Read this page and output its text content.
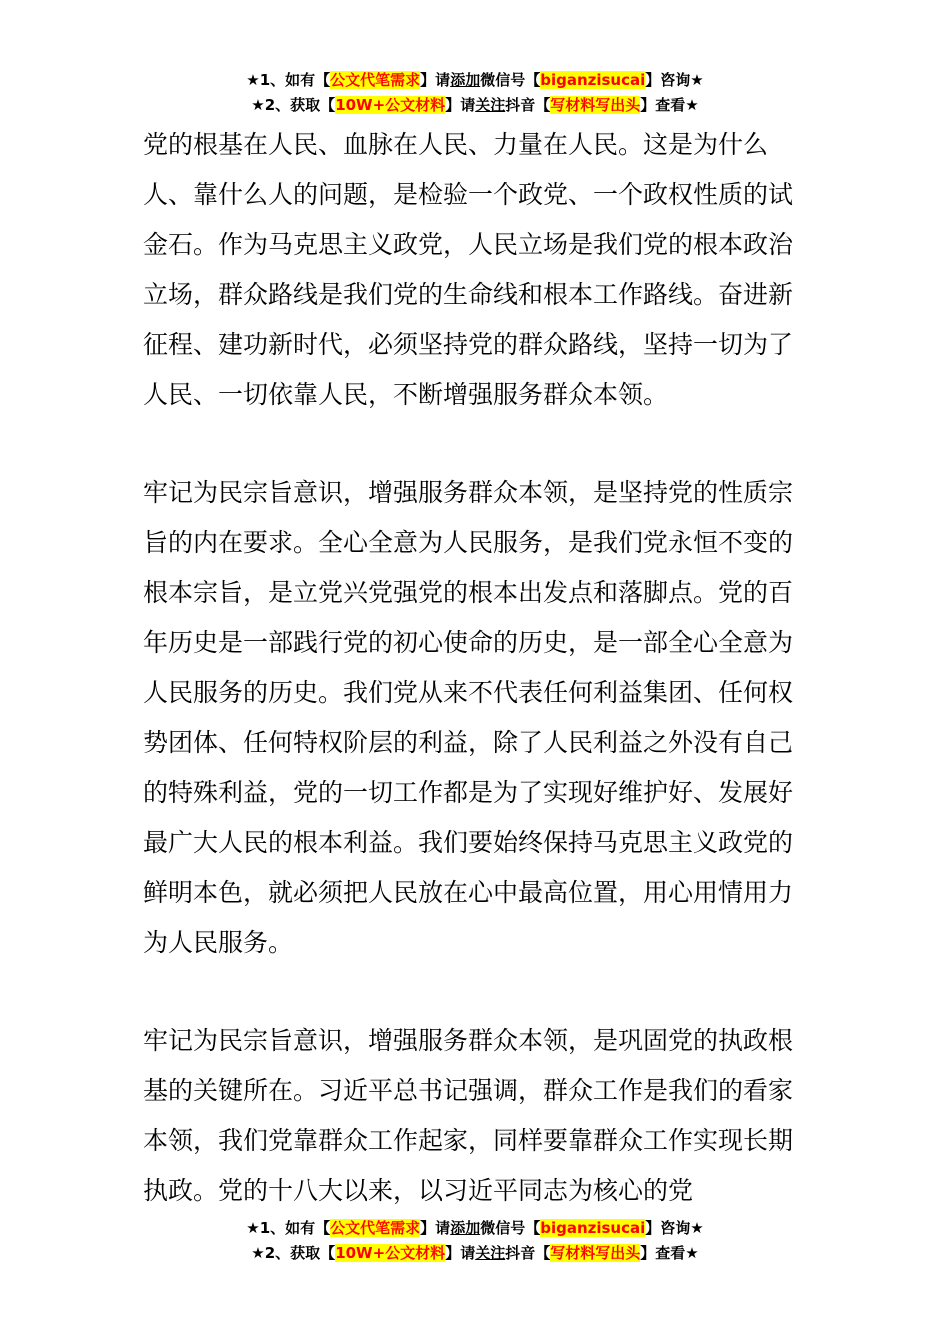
★1、如有【公文代笔需求】请添加微信号【biganzisucai】咨询★
★2、获取【10W+公文材料】请关注抖音【写材料写出头】查看★

党的根基在人民、血脉在人民、力量在人民。这是为什么人、靠什么人的问题，是检验一个政党、一个政权性质的试金石。作为马克思主义政党，人民立场是我们党的根本政治立场，群众路线是我们党的生命线和根本工作路线。奋进新征程、建功新时代，必须坚持党的群众路线，坚持一切为了人民、一切依靠人民，不断增强服务群众本领。

牢记为民宗旨意识，增强服务群众本领，是坚持党的性质宗旨的内在要求。全心全意为人民服务，是我们党永恒不变的根本宗旨，是立党兴党强党的根本出发点和落脚点。党的百年历史是一部践行党的初心使命的历史，是一部全心全意为人民服务的历史。我们党从来不代表任何利益集团、任何权势团体、任何特权阶层的利益，除了人民利益之外没有自己的特殊利益，党的一切工作都是为了实现好维护好、发展好最广大人民的根本利益。我们要始终保持马克思主义政党的鲜明本色，就必须把人民放在心中最高位置，用心用情用力为人民服务。

牢记为民宗旨意识，增强服务群众本领，是巩固党的执政根基的关键所在。习近平总书记强调，群众工作是我们的看家本领，我们党靠群众工作起家，同样要靠群众工作实现长期执政。党的十八大以来，以习近平同志为核心的党

★1、如有【公文代笔需求】请添加微信号【biganzisucai】咨询★
★2、获取【10W+公文材料】请关注抖音【写材料写出头】查看★
